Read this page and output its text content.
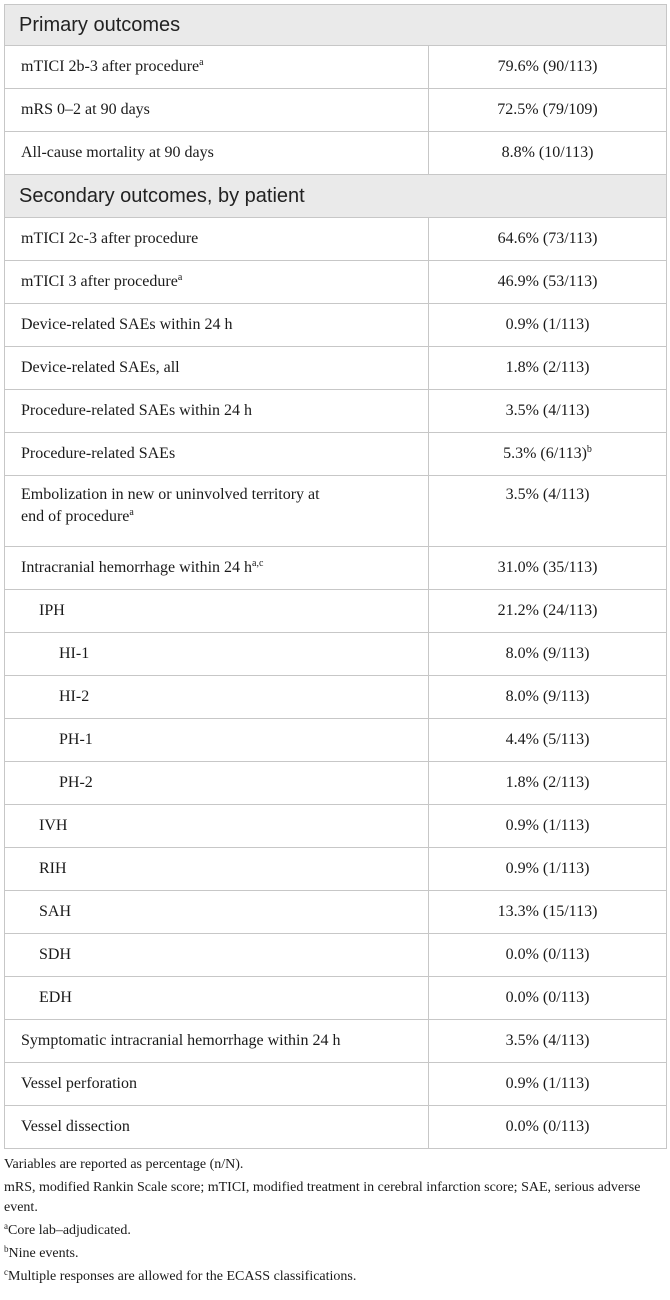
Primary outcomes	
mTICI 2b-3 after procedure$^a$	79.6% (90/113)
mRS 0–2 at 90 days	72.5% (79/109)
All-cause mortality at 90 days	8.8% (10/113)
Secondary outcomes, by patient	
mTICI 2c-3 after procedure	64.6% (73/113)
mTICI 3 after procedure$^a$	46.9% (53/113)
Device-related SAEs within 24 h	0.9% (1/113)
Device-related SAEs, all	1.8% (2/113)
Procedure-related SAEs within 24 h	3.5% (4/113)
Procedure-related SAEs	5.3% $(6/113)^b$
Embolization in new or uninvolved territory at
end of procedure$^a$	3.5% (4/113)
Intracranial hemorrhage within 24 $h^{a,c}$	31.0% (35/113)
IPH	21.2% (24/113)
HI-1	8.0% (9/113)
HI-2	8.0% (9/113)
PH-1	4.4% (5/113)
PH-2	1.8% (2/113)
IVH	0.9% (1/113)
RIH	0.9% (1/113)
SAH	13.3% (15/113)
SDH	0.0% (0/113)
EDH	0.0% (0/113)
Symptomatic intracranial hemorrhage within 24 h	3.5% (4/113)
Vessel perforation	0.9% (1/113)
Vessel dissection	0.0% (0/113)

Variables are reported as percentage (n/N).

mRS, modified Rankin Scale score; mTICI, modified treatment in cerebral infarction score; SAE, serious adverse event.

$^a$Core lab–adjudicated.

$^b$Nine events.

$^c$Multiple responses are allowed for the ECASS classifications.
